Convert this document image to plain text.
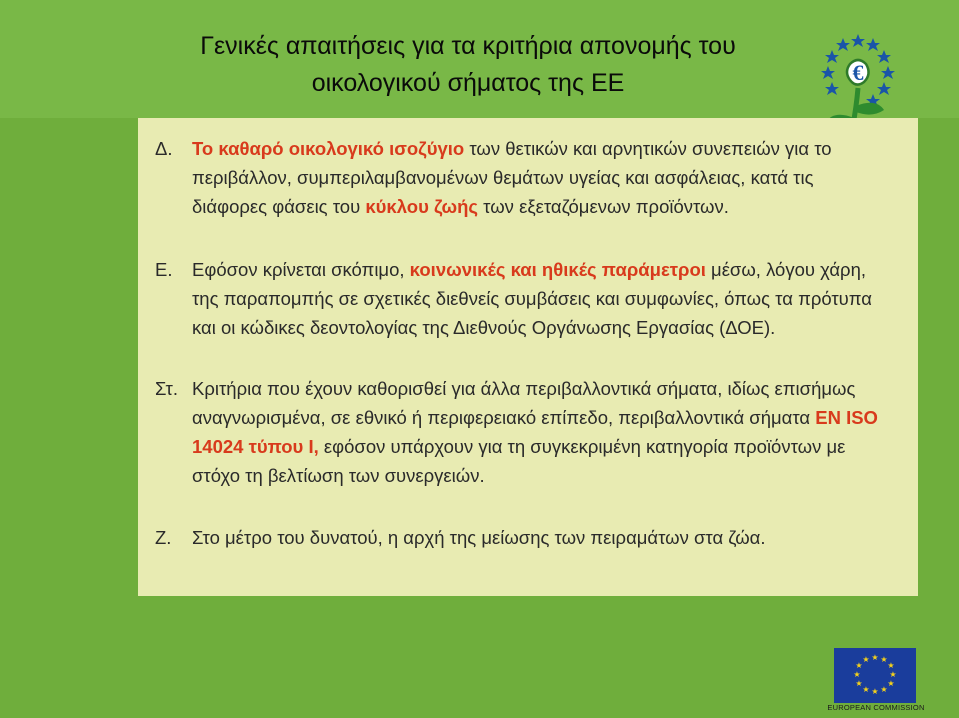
Γενικές απαιτήσεις για τα κριτήρια απονομής του
οικολογικού σήματος της ΕΕ	€
Δ. Το καθαρό οικολογικό ισοζύγιο των θετικών και αρνητικών συνεπειών για το περιβάλλον, συμπεριλαμβανομένων θεμάτων υγείας και ασφάλειας, κατά τις διάφορες φάσεις του κύκλου ζωής των εξεταζόμενων προϊόντων.
Ε. Εφόσον κρίνεται σκόπιμο, κοινωνικές και ηθικές παράμετροι μέσω, λόγου χάρη, της παραπομπής σε σχετικές διεθνείς συμβάσεις και συμφωνίες, όπως τα πρότυπα και οι κώδικες δεοντολογίας της Διεθνούς Οργάνωσης Εργασίας (ΔΟΕ).
Στ. Κριτήρια που έχουν καθορισθεί για άλλα περιβαλλοντικά σήματα, ιδίως επισήμως αναγνωρισμένα, σε εθνικό ή περιφερειακό επίπεδο, περιβαλλοντικά σήματα EN ISO 14024 τύπου I, εφόσον υπάρχουν για τη συγκεκριμένη κατηγορία προϊόντων με στόχο τη βελτίωση των συνεργειών.
Ζ. Στο μέτρο του δυνατού, η αρχή της μείωσης των πειραμάτων στα ζώα.
★ ★
★
★
★
★
★
★
★
★
★
★
EUROPEAN COMMISSION
